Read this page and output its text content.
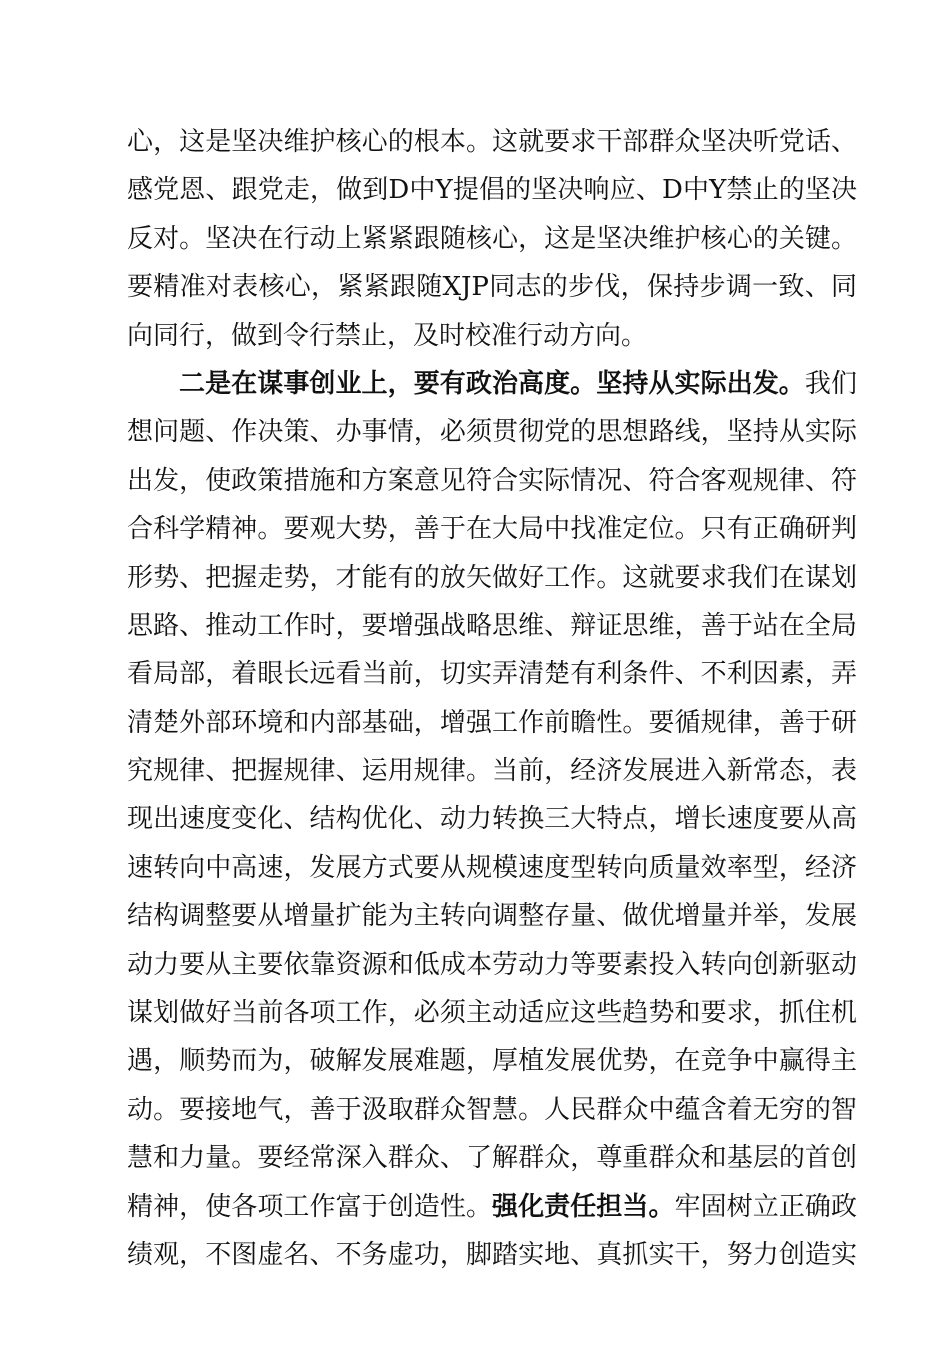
心，这是坚决维护核心的根本。这就要求干部群众坚决听党话、
感党恩、跟党走，做到D中Y提倡的坚决响应、D中Y禁止的坚决
反对。坚决在行动上紧紧跟随核心，这是坚决维护核心的关键。
要精准对表核心，紧紧跟随XJP同志的步伐，保持步调一致、同
向同行，做到令行禁止，及时校准行动方向。
二是在谋事创业上，要有政治高度。坚持从实际出发。我们
想问题、作决策、办事情，必须贯彻党的思想路线，坚持从实际
出发，使政策措施和方案意见符合实际情况、符合客观规律、符
合科学精神。要观大势，善于在大局中找准定位。只有正确研判
形势、把握走势，才能有的放矢做好工作。这就要求我们在谋划
思路、推动工作时，要增强战略思维、辩证思维，善于站在全局
看局部，着眼长远看当前，切实弄清楚有利条件、不利因素，弄
清楚外部环境和内部基础，增强工作前瞻性。要循规律，善于研
究规律、把握规律、运用规律。当前，经济发展进入新常态，表
现出速度变化、结构优化、动力转换三大特点，增长速度要从高
速转向中高速，发展方式要从规模速度型转向质量效率型，经济
结构调整要从增量扩能为主转向调整存量、做优增量并举，发展
动力要从主要依靠资源和低成本劳动力等要素投入转向创新驱动
谋划做好当前各项工作，必须主动适应这些趋势和要求，抓住机
遇，顺势而为，破解发展难题，厚植发展优势，在竞争中赢得主
动。要接地气，善于汲取群众智慧。人民群众中蕴含着无穷的智
慧和力量。要经常深入群众、了解群众，尊重群众和基层的首创
精神，使各项工作富于创造性。强化责任担当。牢固树立正确政
绩观，不图虚名、不务虚功，脚踏实地、真抓实干，努力创造实
